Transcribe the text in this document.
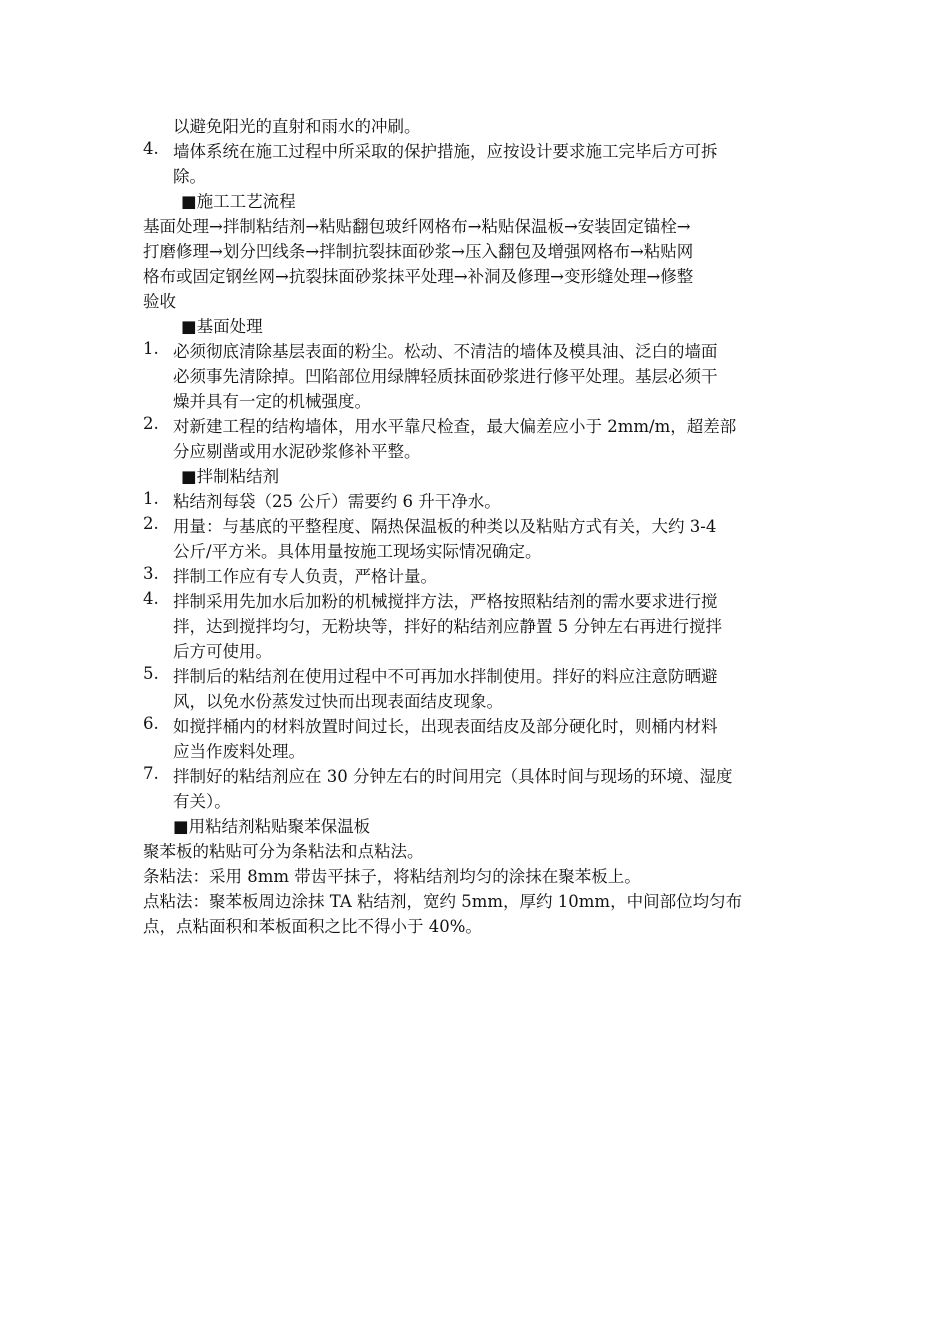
以避免阳光的直射和雨水的冲刷。
4. 墙体系统在施工过程中所采取的保护措施，应按设计要求施工完毕后方可拆
除。
■施工工艺流程
基面处理→拌制粘结剂→粘贴翻包玻纤网格布→粘贴保温板→安装固定锚栓→
打磨修理→划分凹线条→拌制抗裂抹面砂浆→压入翻包及增强网格布→粘贴网
格布或固定钢丝网→抗裂抹面砂浆抹平处理→补洞及修理→变形缝处理→修整
验收
■基面处理
1. 必须彻底清除基层表面的粉尘。松动、不清洁的墙体及模具油、泛白的墙面
必须事先清除掉。凹陷部位用绿牌轻质抹面砂浆进行修平处理。基层必须干
燥并具有一定的机械强度。
2. 对新建工程的结构墙体，用水平靠尺检查，最大偏差应小于 2mm/m，超差部
分应剔凿或用水泥砂浆修补平整。
■拌制粘结剂
1. 粘结剂每袋（25 公斤）需要约 6 升干净水。
2. 用量：与基底的平整程度、隔热保温板的种类以及粘贴方式有关，大约 3-4
公斤/平方米。具体用量按施工现场实际情况确定。
3. 拌制工作应有专人负责，严格计量。
4. 拌制采用先加水后加粉的机械搅拌方法，严格按照粘结剂的需水要求进行搅
拌，达到搅拌均匀，无粉块等，拌好的粘结剂应静置 5 分钟左右再进行搅拌
后方可使用。
5. 拌制后的粘结剂在使用过程中不可再加水拌制使用。拌好的料应注意防晒避
风，以免水份蒸发过快而出现表面结皮现象。
6. 如搅拌桶内的材料放置时间过长，出现表面结皮及部分硬化时，则桶内材料
应当作废料处理。
7. 拌制好的粘结剂应在 30 分钟左右的时间用完（具体时间与现场的环境、湿度
有关）。
■用粘结剂粘贴聚苯保温板
聚苯板的粘贴可分为条粘法和点粘法。
条粘法：采用 8mm 带齿平抹子，将粘结剂均匀的涂抹在聚苯板上。
点粘法：聚苯板周边涂抹 TA 粘结剂，宽约 5mm，厚约 10mm，中间部位均匀布
点，点粘面积和苯板面积之比不得小于 40%。
